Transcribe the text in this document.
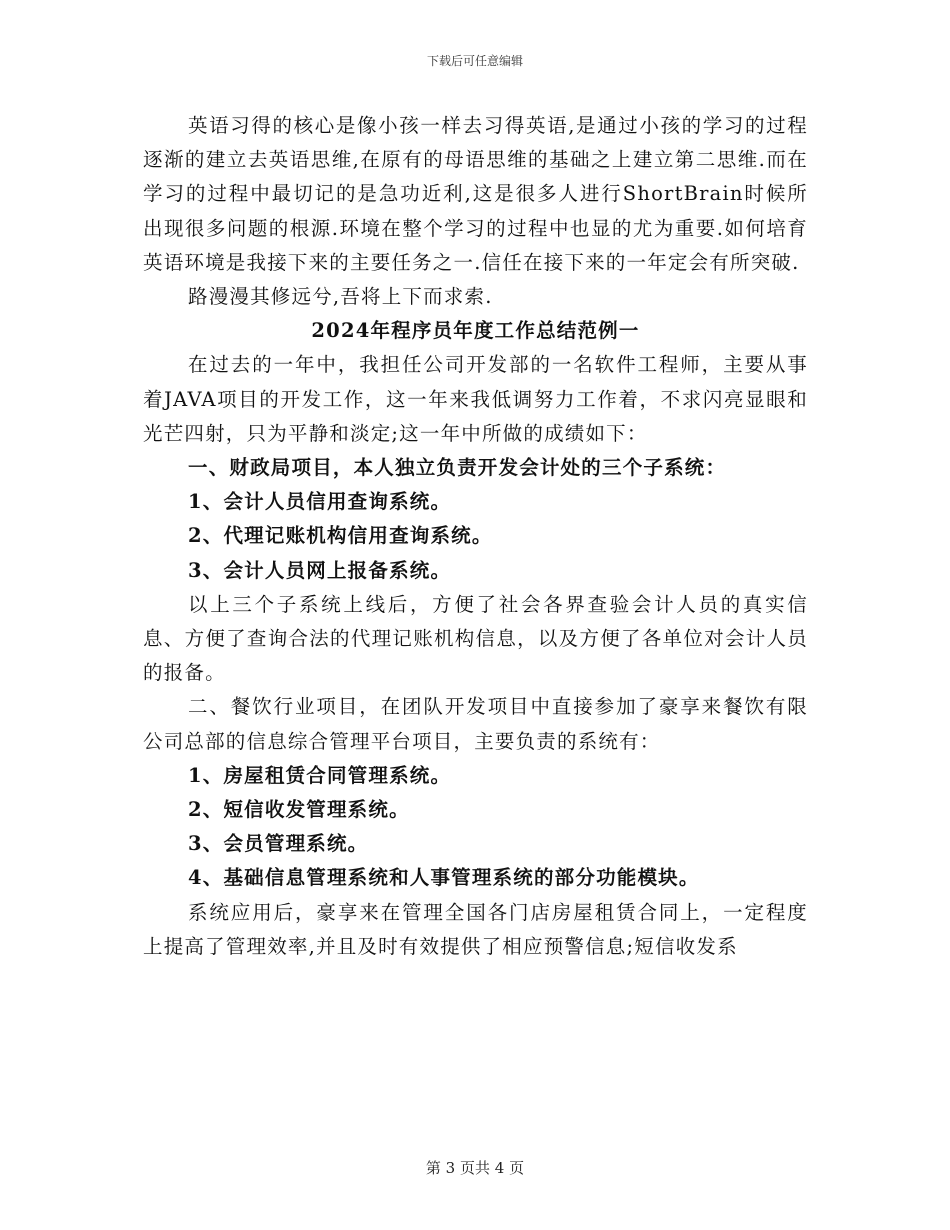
下载后可任意编辑

英语习得的核心是像小孩一样去习得英语,是通过小孩的学习的过程逐渐的建立去英语思维,在原有的母语思维的基础之上建立第二思维.而在学习的过程中最切记的是急功近利,这是很多人进行ShortBrain时候所出现很多问题的根源.环境在整个学习的过程中也显的尤为重要.如何培育英语环境是我接下来的主要任务之一.信任在接下来的一年定会有所突破.

路漫漫其修远兮,吾将上下而求索.

2024年程序员年度工作总结范例一

在过去的一年中，我担任公司开发部的一名软件工程师，主要从事着JAVA项目的开发工作，这一年来我低调努力工作着，不求闪亮显眼和光芒四射，只为平静和淡定;这一年中所做的成绩如下：

一、财政局项目，本人独立负责开发会计处的三个子系统：

1、会计人员信用查询系统。

2、代理记账机构信用查询系统。

3、会计人员网上报备系统。

以上三个子系统上线后，方便了社会各界查验会计人员的真实信息、方便了查询合法的代理记账机构信息，以及方便了各单位对会计人员的报备。

二、餐饮行业项目，在团队开发项目中直接参加了豪享来餐饮有限公司总部的信息综合管理平台项目，主要负责的系统有：

1、房屋租赁合同管理系统。

2、短信收发管理系统。

3、会员管理系统。

4、基础信息管理系统和人事管理系统的部分功能模块。

系统应用后，豪享来在管理全国各门店房屋租赁合同上，一定程度上提高了管理效率,并且及时有效提供了相应预警信息;短信收发系

第 3 页共 4 页
